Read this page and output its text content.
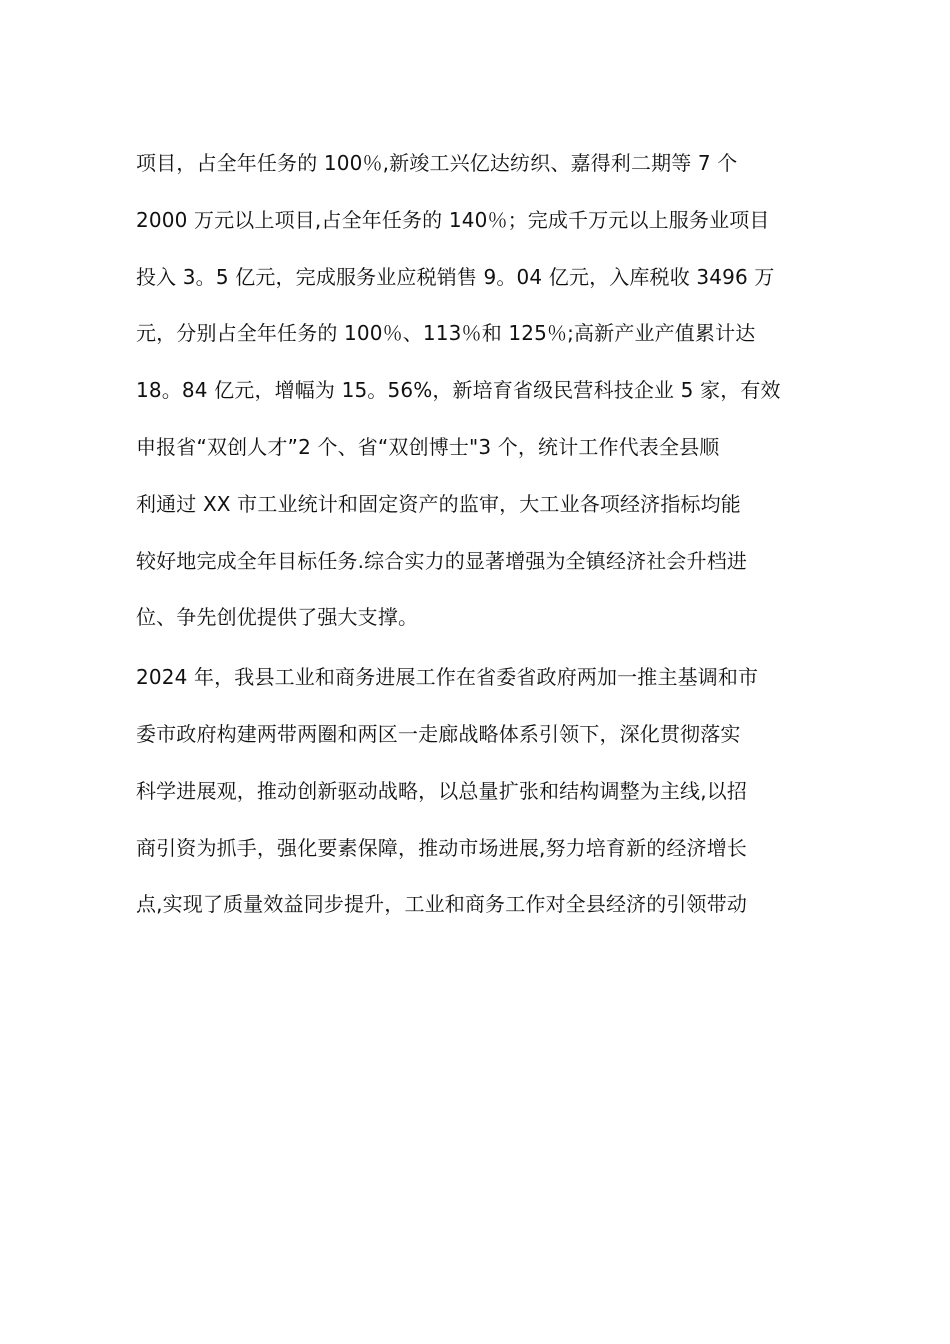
项目，占全年任务的 100％,新竣工兴亿达纺织、嘉得利二期等 7 个
2000 万元以上项目,占全年任务的 140％；完成千万元以上服务业项目
投入 3。5 亿元，完成服务业应税销售 9。04 亿元，入库税收 3496 万
元，分别占全年任务的 100％、113％和 125％;高新产业产值累计达
18。84 亿元，增幅为 15。56%，新培育省级民营科技企业 5 家，有效
申报省“双创人才”2 个、省“双创博士"3 个，统计工作代表全县顺
利通过 XX 市工业统计和固定资产的监审，大工业各项经济指标均能
较好地完成全年目标任务.综合实力的显著增强为全镇经济社会升档进
位、争先创优提供了强大支撑。
2024 年，我县工业和商务进展工作在省委省政府两加一推主基调和市
委市政府构建两带两圈和两区一走廊战略体系引领下，深化贯彻落实
科学进展观，推动创新驱动战略，以总量扩张和结构调整为主线,以招
商引资为抓手，强化要素保障，推动市场进展,努力培育新的经济增长
点,实现了质量效益同步提升，工业和商务工作对全县经济的引领带动
